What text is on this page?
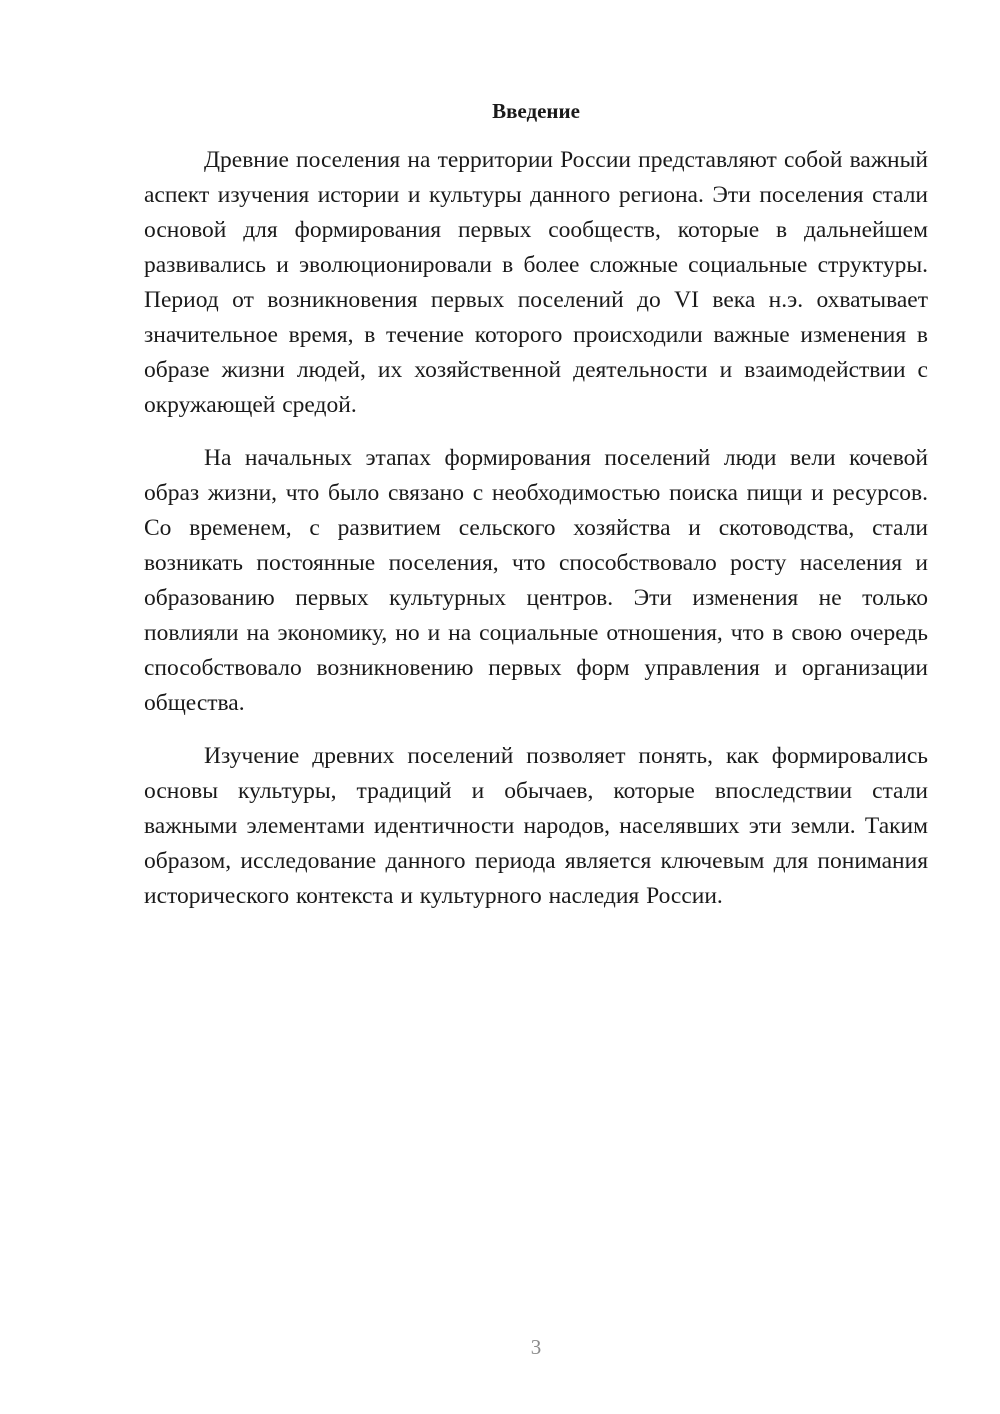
Введение

Древние поселения на территории России представляют собой важный аспект изучения истории и культуры данного региона. Эти поселения стали основой для формирования первых сообществ, которые в дальнейшем развивались и эволюционировали в более сложные социальные структуры. Период от возникновения первых поселений до VI века н.э. охватывает значительное время, в течение которого происходили важные изменения в образе жизни людей, их хозяйственной деятельности и взаимодействии с окружающей средой.

На начальных этапах формирования поселений люди вели кочевой образ жизни, что было связано с необходимостью поиска пищи и ресурсов. Со временем, с развитием сельского хозяйства и скотоводства, стали возникать постоянные поселения, что способствовало росту населения и образованию первых культурных центров. Эти изменения не только повлияли на экономику, но и на социальные отношения, что в свою очередь способствовало возникновению первых форм управления и организации общества.

Изучение древних поселений позволяет понять, как формировались основы культуры, традиций и обычаев, которые впоследствии стали важными элементами идентичности народов, населявших эти земли. Таким образом, исследование данного периода является ключевым для понимания исторического контекста и культурного наследия России.

3
